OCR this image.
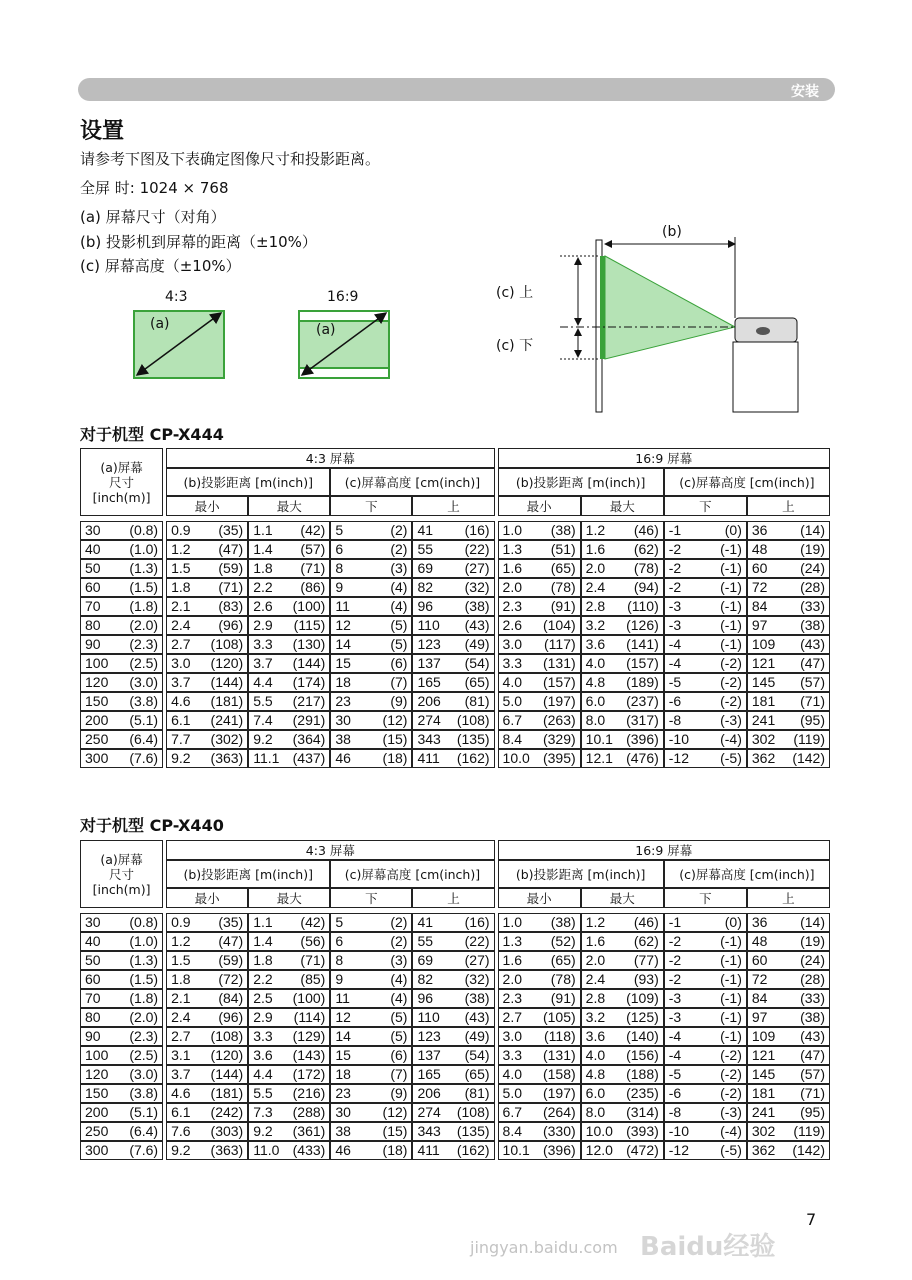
安装
设置
请参考下图及下表确定图像尺寸和投影距离。
全屏 时: 1024 × 768
(a) 屏幕尺寸（对角）
(b) 投影机到屏幕的距离（±10%）
(c) 屏幕高度（±10%）
4:3
(a)
16:9
(a)
(b)
(c) 上
(c) 下
对于机型 CP-X444
(a)屏幕
尺寸
[inch(m)]		4:3 屏幕					16:9 屏幕			
		(b)投影距离 [m(inch)]		(c)屏幕高度 [cm(inch)]			(b)投影距离 [m(inch)]		(c)屏幕高度 [cm(inch)]	
		最小	最大	下	上		最小	最大	下	上

30 (0.8)		0.9 (35)	1.1 (42)	5 (2)	41 (16)		1.0 (38)	1.2 (46)	-1 (0)	36 (14)

40 (1.0)		1.2 (47)	1.4 (57)	6 (2)	55 (22)		1.3 (51)	1.6 (62)	-2 (-1)	48 (19)

50 (1.3)		1.5 (59)	1.8 (71)	8 (3)	69 (27)		1.6 (65)	2.0 (78)	-2 (-1)	60 (24)

60 (1.5)		1.8 (71)	2.2 (86)	9 (4)	82 (32)		2.0 (78)	2.4 (94)	-2 (-1)	72 (28)

70 (1.8)		2.1 (83)	2.6 (100)	11 (4)	96 (38)		2.3 (91)	2.8 (110)	-3 (-1)	84 (33)

80 (2.0)		2.4 (96)	2.9 (115)	12 (5)	110 (43)		2.6 (104)	3.2 (126)	-3 (-1)	97 (38)

90 (2.3)		2.7 (108)	3.3 (130)	14 (5)	123 (49)		3.0 (117)	3.6 (141)	-4 (-1)	109 (43)

100 (2.5)		3.0 (120)	3.7 (144)	15 (6)	137 (54)		3.3 (131)	4.0 (157)	-4 (-2)	121 (47)

120 (3.0)		3.7 (144)	4.4 (174)	18 (7)	165 (65)		4.0 (157)	4.8 (189)	-5 (-2)	145 (57)

150 (3.8)		4.6 (181)	5.5 (217)	23 (9)	206 (81)		5.0 (197)	6.0 (237)	-6 (-2)	181 (71)

200 (5.1)		6.1 (241)	7.4 (291)	30 (12)	274 (108)		6.7 (263)	8.0 (317)	-8 (-3)	241 (95)

250 (6.4)		7.7 (302)	9.2 (364)	38 (15)	343 (135)		8.4 (329)	10.1 (396)	-10 (-4)	302 (119)

300 (7.6)		9.2 (363)	11.1 (437)	46 (18)	411 (162)		10.0 (395)	12.1 (476)	-12 (-5)	362 (142)
对于机型 CP-X440
(a)屏幕
尺寸
[inch(m)]		4:3 屏幕					16:9 屏幕			
		(b)投影距离 [m(inch)]		(c)屏幕高度 [cm(inch)]			(b)投影距离 [m(inch)]		(c)屏幕高度 [cm(inch)]	
		最小	最大	下	上		最小	最大	下	上

30 (0.8)		0.9 (35)	1.1 (42)	5 (2)	41 (16)		1.0 (38)	1.2 (46)	-1 (0)	36 (14)

40 (1.0)		1.2 (47)	1.4 (56)	6 (2)	55 (22)		1.3 (52)	1.6 (62)	-2 (-1)	48 (19)

50 (1.3)		1.5 (59)	1.8 (71)	8 (3)	69 (27)		1.6 (65)	2.0 (77)	-2 (-1)	60 (24)

60 (1.5)		1.8 (72)	2.2 (85)	9 (4)	82 (32)		2.0 (78)	2.4 (93)	-2 (-1)	72 (28)

70 (1.8)		2.1 (84)	2.5 (100)	11 (4)	96 (38)		2.3 (91)	2.8 (109)	-3 (-1)	84 (33)

80 (2.0)		2.4 (96)	2.9 (114)	12 (5)	110 (43)		2.7 (105)	3.2 (125)	-3 (-1)	97 (38)

90 (2.3)		2.7 (108)	3.3 (129)	14 (5)	123 (49)		3.0 (118)	3.6 (140)	-4 (-1)	109 (43)

100 (2.5)		3.1 (120)	3.6 (143)	15 (6)	137 (54)		3.3 (131)	4.0 (156)	-4 (-2)	121 (47)

120 (3.0)		3.7 (144)	4.4 (172)	18 (7)	165 (65)		4.0 (158)	4.8 (188)	-5 (-2)	145 (57)

150 (3.8)		4.6 (181)	5.5 (216)	23 (9)	206 (81)		5.0 (197)	6.0 (235)	-6 (-2)	181 (71)

200 (5.1)		6.1 (242)	7.3 (288)	30 (12)	274 (108)		6.7 (264)	8.0 (314)	-8 (-3)	241 (95)

250 (6.4)		7.6 (303)	9.2 (361)	38 (15)	343 (135)		8.4 (330)	10.0 (393)	-10 (-4)	302 (119)

300 (7.6)		9.2 (363)	11.0 (433)	46 (18)	411 (162)		10.1 (396)	12.0 (472)	-12 (-5)	362 (142)
jingyan.baidu.com Baidu经验
7
